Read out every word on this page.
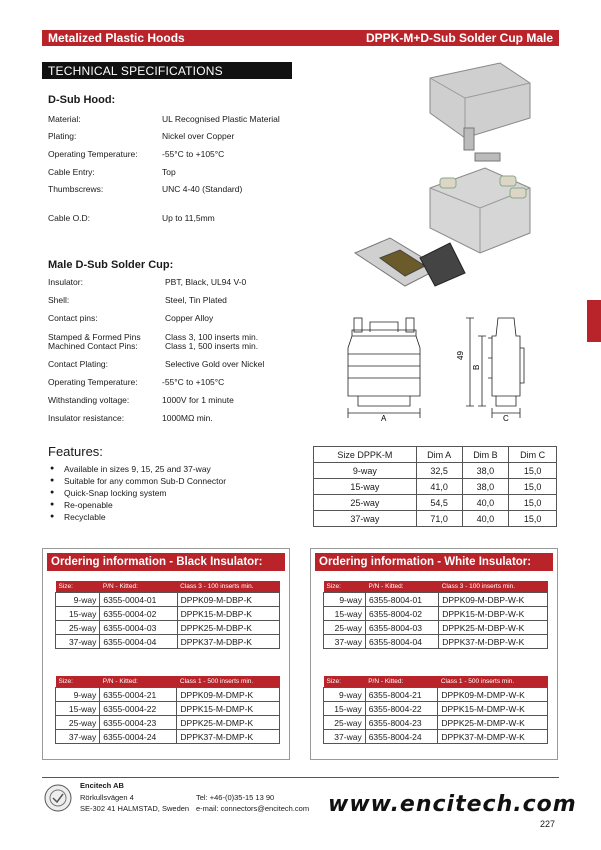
Metalized Plastic Hoods	DPPK-M+D-Sub Solder Cup Male
TECHNICAL SPECIFICATIONS
D-Sub Hood:
Material:	UL Recognised Plastic Material
Plating:	Nickel over Copper
Operating Temperature:	-55°C to +105°C
Cable Entry:	Top
Thumbscrews:	UNC 4-40 (Standard)
Cable O.D:	Up to 11,5mm
Male D-Sub Solder Cup:
Insulator:	PBT, Black, UL94 V-0
Shell:	Steel, Tin Plated
Contact pins:	Copper Alloy
Stamped & Formed Pins	Class 3, 100 inserts min.
Machined Contact Pins:	Class 1, 500 inserts min.
Contact Plating:	Selective Gold over Nickel
Operating Temperature:	-55°C to +105°C
Withstanding voltage:	1000V for 1 minute
Insulator resistance:	1000MΩ min.
49
B
A	C
Features:
● Available in sizes 9, 15, 25 and 37-way
● Suitable for any common Sub-D Connector
● Quick-Snap locking system
● Re-openable
● Recyclable
Size DPPK-M	Dim A	Dim B	Dim C
9-way	32,5	38,0	15,0
15-way	41,0	38,0	15,0
25-way	54,5	40,0	15,0
37-way	71,0	40,0	15,0
Ordering information - Black Insulator:
Size:	P/N - Kitted:	Class 3 - 100 inserts min.
9-way	6355-0004-01	DPPK09-M-DBP-K
15-way	6355-0004-02	DPPK15-M-DBP-K
25-way	6355-0004-03	DPPK25-M-DBP-K
37-way	6355-0004-04	DPPK37-M-DBP-K
Size:	P/N - Kitted:	Class 1 - 500 inserts min.
9-way	6355-0004-21	DPPK09-M-DMP-K
15-way	6355-0004-22	DPPK15-M-DMP-K
25-way	6355-0004-23	DPPK25-M-DMP-K
37-way	6355-0004-24	DPPK37-M-DMP-K
Ordering information - White Insulator:
Size:	P/N - Kitted:	Class 3 - 100 inserts min.
9-way	6355-8004-01	DPPK09-M-DBP-W-K
15-way	6355-8004-02	DPPK15-M-DBP-W-K
25-way	6355-8004-03	DPPK25-M-DBP-W-K
37-way	6355-8004-04	DPPK37-M-DBP-W-K
Size:	P/N - Kitted:	Class 1 - 500 inserts min.
9-way	6355-8004-21	DPPK09-M-DMP-W-K
15-way	6355-8004-22	DPPK15-M-DMP-W-K
25-way	6355-8004-23	DPPK25-M-DMP-W-K
37-way	6355-8004-24	DPPK37-M-DMP-W-K
Encitech AB
Rörkullsvägen 4
SE-302 41 HALMSTAD, Sweden
Tel: +46-(0)35-15 13 90
e-mail: connectors@encitech.com www.encitech.com
227
